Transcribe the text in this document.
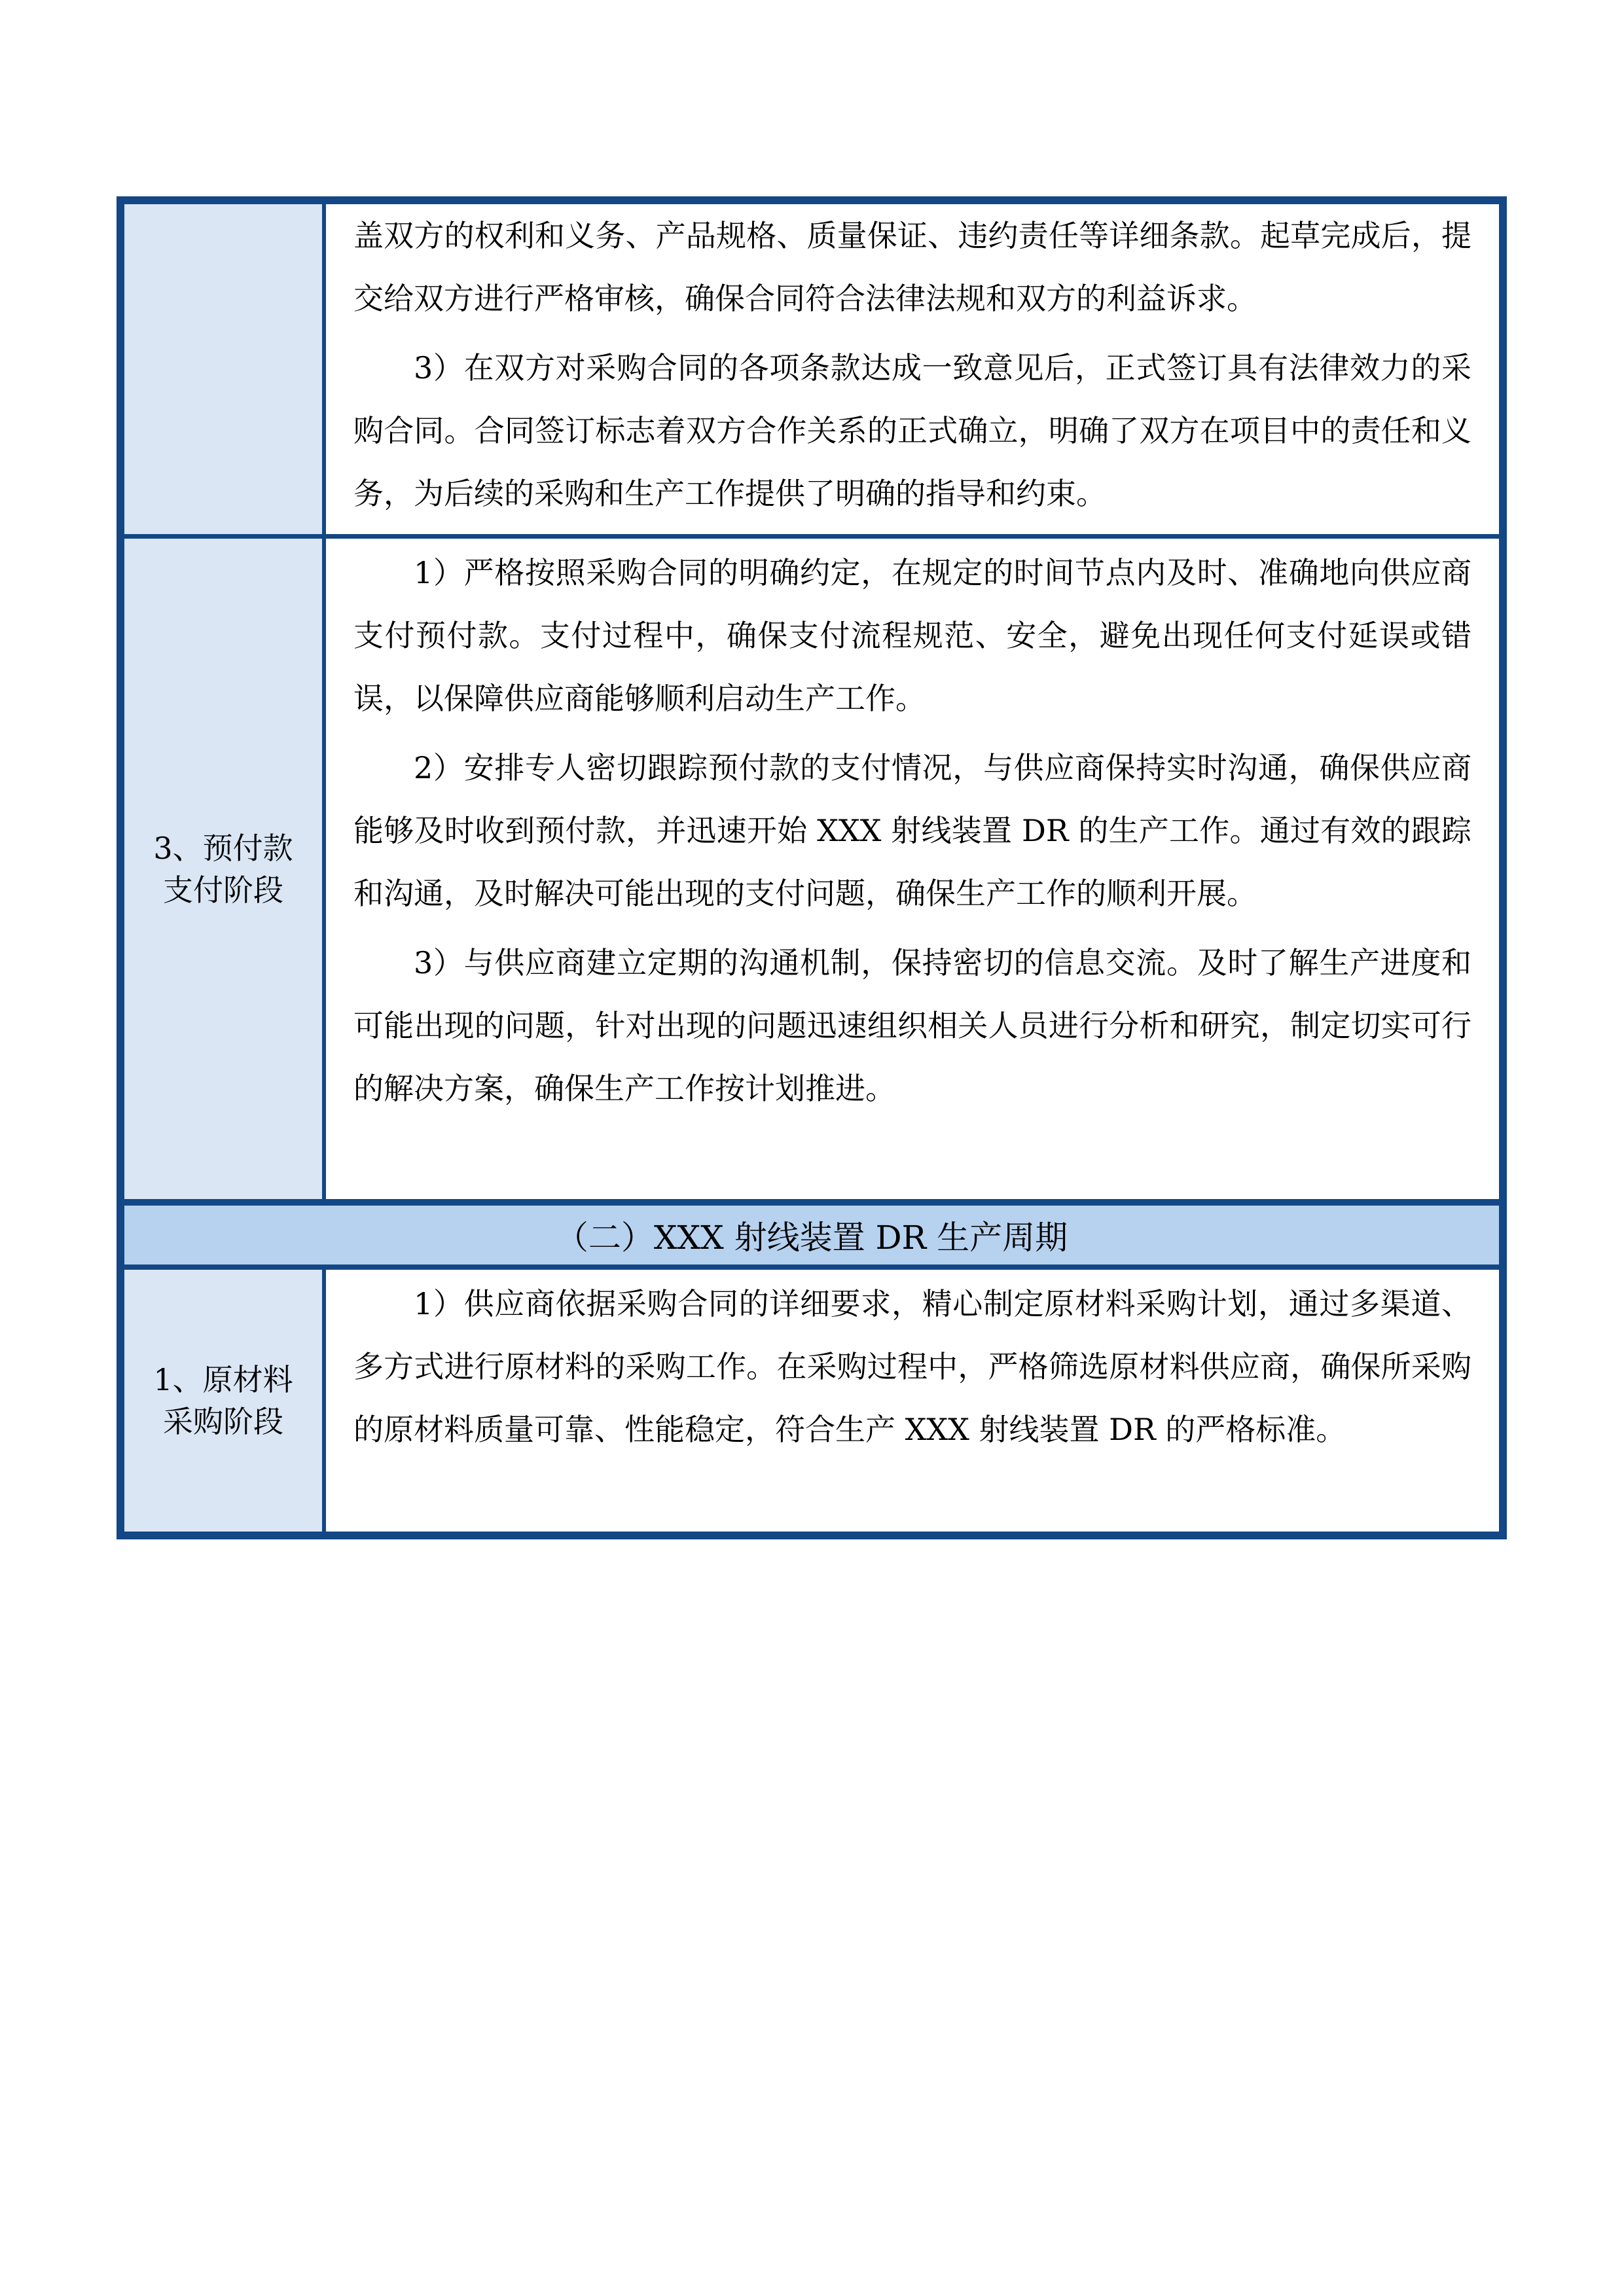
盖双方的权利和义务、产品规格、质量保证、违约责任等详细条款。起草完成后，提交给双方进行严格审核，确保合同符合法律法规和双方的利益诉求。

3）在双方对采购合同的各项条款达成一致意见后，正式签订具有法律效力的采购合同。合同签订标志着双方合作关系的正式确立，明确了双方在项目中的责任和义务，为后续的采购和生产工作提供了明确的指导和约束。

3、预付款
支付阶段

1）严格按照采购合同的明确约定，在规定的时间节点内及时、准确地向供应商支付预付款。支付过程中，确保支付流程规范、安全，避免出现任何支付延误或错误，以保障供应商能够顺利启动生产工作。

2）安排专人密切跟踪预付款的支付情况，与供应商保持实时沟通，确保供应商能够及时收到预付款，并迅速开始 XXX 射线装置 DR 的生产工作。通过有效的跟踪和沟通，及时解决可能出现的支付问题，确保生产工作的顺利开展。

3）与供应商建立定期的沟通机制，保持密切的信息交流。及时了解生产进度和可能出现的问题，针对出现的问题迅速组织相关人员进行分析和研究，制定切实可行的解决方案，确保生产工作按计划推进。

（二）XXX 射线装置 DR 生产周期
1、原材料
采购阶段

1）供应商依据采购合同的详细要求，精心制定原材料采购计划，通过多渠道、多方式进行原材料的采购工作。在采购过程中，严格筛选原材料供应商，确保所采购的原材料质量可靠、性能稳定，符合生产 XXX 射线装置 DR 的严格标准。
